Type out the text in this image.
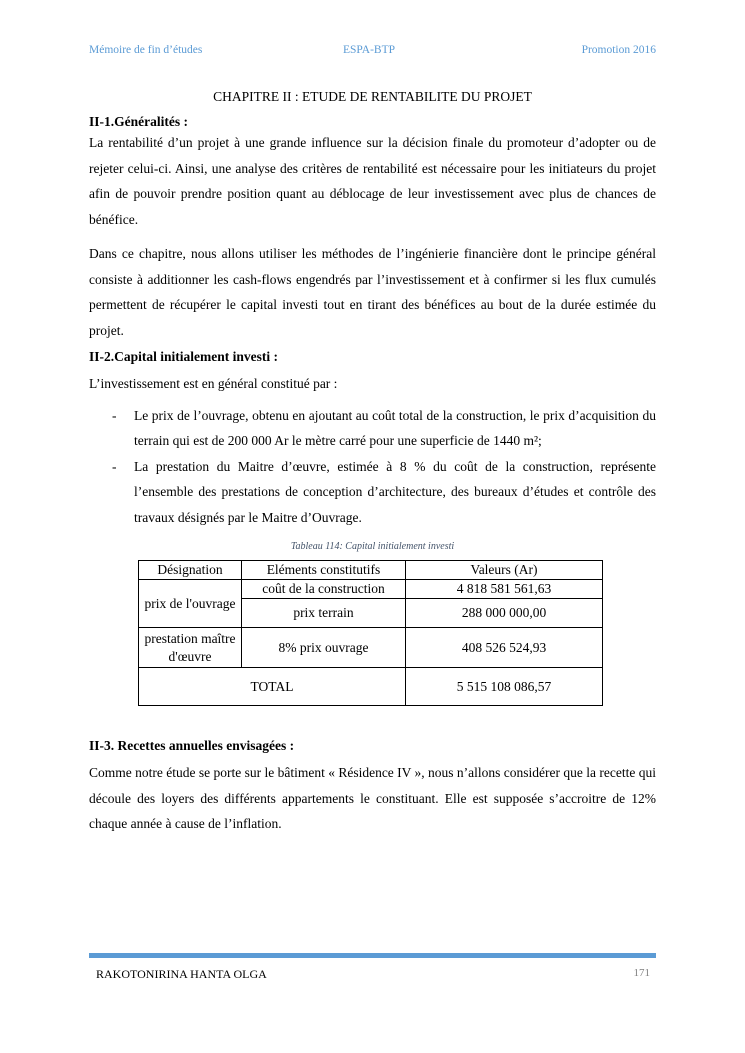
Mémoire de fin d’études	ESPA-BTP	Promotion 2016
CHAPITRE II : ETUDE DE RENTABILITE DU PROJET
II-1.Généralités :

La rentabilité d’un projet à une grande influence sur la décision finale du promoteur d’adopter ou de rejeter celui-ci. Ainsi, une analyse des critères de rentabilité est nécessaire pour les initiateurs du projet afin de pouvoir prendre position quant au déblocage de leur investissement avec plus de chances de bénéfice.

Dans ce chapitre, nous allons utiliser les méthodes de l’ingénierie financière dont le principe général consiste à additionner les cash-flows engendrés par l’investissement et à confirmer si les flux cumulés permettent de récupérer le capital investi tout en tirant des bénéfices au bout de la durée estimée du projet.

II-2.Capital initialement investi :

L’investissement est en général constitué par :

- Le prix de l’ouvrage, obtenu en ajoutant au coût total de la construction, le prix d’acquisition du terrain qui est de 200 000 Ar le mètre carré pour une superficie de 1440 m²;
- La prestation du Maitre d’œuvre, estimée à 8 % du coût de la construction, représente l’ensemble des prestations de conception d’architecture, des bureaux d’études et contrôle des travaux désignés par le Maitre d’Ouvrage.
Tableau 114: Capital initialement investi
Désignation	Eléments constitutifs	Valeurs (Ar)
prix de l'ouvrage	coût de la construction	4 818 581 561,63
	prix terrain	288 000 000,00
prestation maître d'œuvre	8% prix ouvrage	408 526 524,93
TOTAL		5 515 108 086,57
II-3. Recettes annuelles envisagées :

Comme notre étude se porte sur le bâtiment « Résidence IV », nous n’allons considérer que la recette qui découle des loyers des différents appartements le constituant. Elle est supposée s’accroitre de 12% chaque année à cause de l’inflation.

RAKOTONIRINA HANTA OLGA	171
